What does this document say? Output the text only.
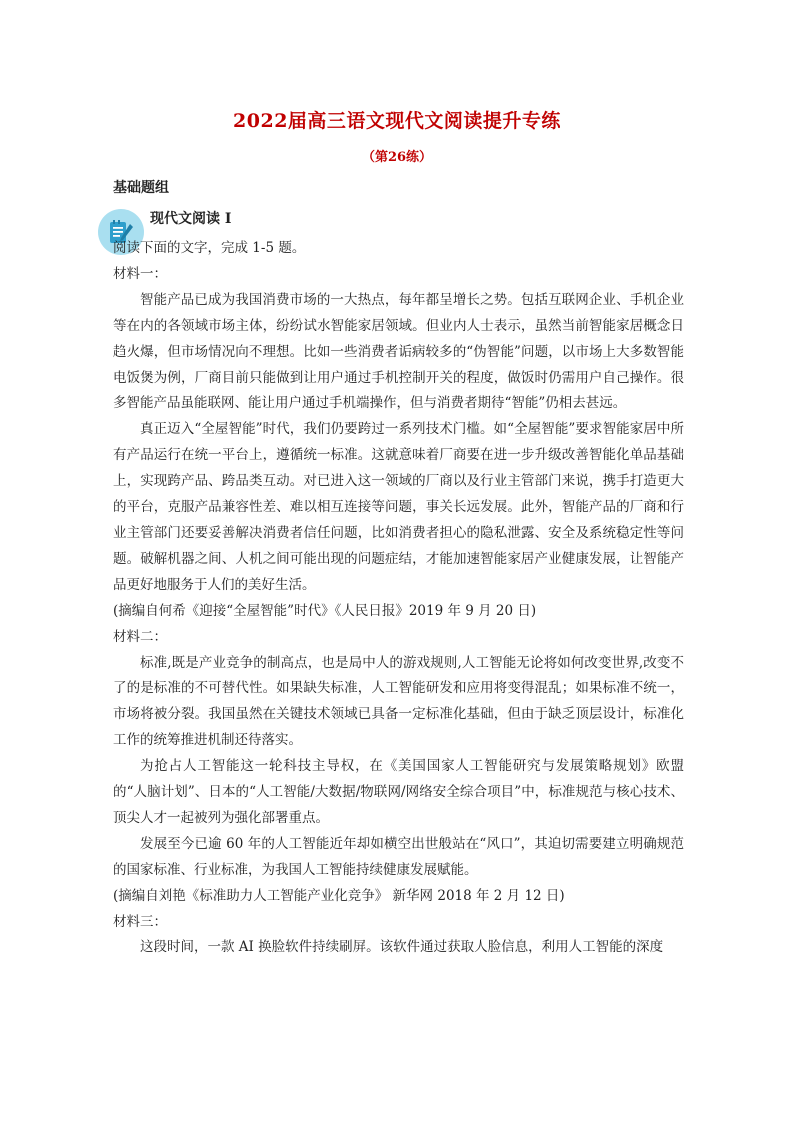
2022届高三语文现代文阅读提升专练
（第26练）
基础题组
现代文阅读 I

阅读下面的文字，完成 1-5 题。

材料一：

智能产品已成为我国消费市场的一大热点，每年都呈增长之势。包括互联网企业、手机企业等在内的各领域市场主体，纷纷试水智能家居领域。但业内人士表示，虽然当前智能家居概念日趋火爆，但市场情况向不理想。比如一些消费者诟病较多的“伪智能”问题，以市场上大多数智能电饭煲为例，厂商目前只能做到让用户通过手机控制开关的程度，做饭时仍需用户自己操作。很多智能产品虽能联网、能让用户通过手机端操作，但与消费者期待“智能”仍相去甚远。

真正迈入“全屋智能”时代，我们仍要跨过一系列技术门槛。如“全屋智能”要求智能家居中所有产品运行在统一平台上，遵循统一标准。这就意味着厂商要在进一步升级改善智能化单品基础上，实现跨产品、跨品类互动。对已进入这一领域的厂商以及行业主管部门来说，携手打造更大的平台，克服产品兼容性差、难以相互连接等问题，事关长远发展。此外，智能产品的厂商和行业主管部门还要妥善解决消费者信任问题，比如消费者担心的隐私泄露、安全及系统稳定性等问题。破解机器之间、人机之间可能出现的问题症结，才能加速智能家居产业健康发展，让智能产品更好地服务于人们的美好生活。

(摘编自何希《迎接“全屋智能”时代》《人民日报》2019 年 9 月 20 日)

材料二：

标准,既是产业竞争的制高点，也是局中人的游戏规则,人工智能无论将如何改变世界,改变不了的是标准的不可替代性。如果缺失标准，人工智能研发和应用将变得混乱；如果标准不统一，市场将被分裂。我国虽然在关键技术领域已具备一定标准化基础，但由于缺乏顶层设计，标准化工作的统筹推进机制还待落实。

为抢占人工智能这一轮科技主导权，在《美国国家人工智能研究与发展策略规划》欧盟的“人脑计划”、日本的“人工智能/大数据/物联网/网络安全综合项目”中，标准规范与核心技术、顶尖人才一起被列为强化部署重点。

发展至今已逾 60 年的人工智能近年却如横空出世般站在“风口”，其迫切需要建立明确规范的国家标准、行业标准，为我国人工智能持续健康发展赋能。

(摘编自刘艳《标准助力人工智能产业化竞争》 新华网 2018 年 2 月 12 日)

材料三：

这段时间，一款 AI 换脸软件持续刷屏。该软件通过获取人脸信息，利用人工智能的深度
